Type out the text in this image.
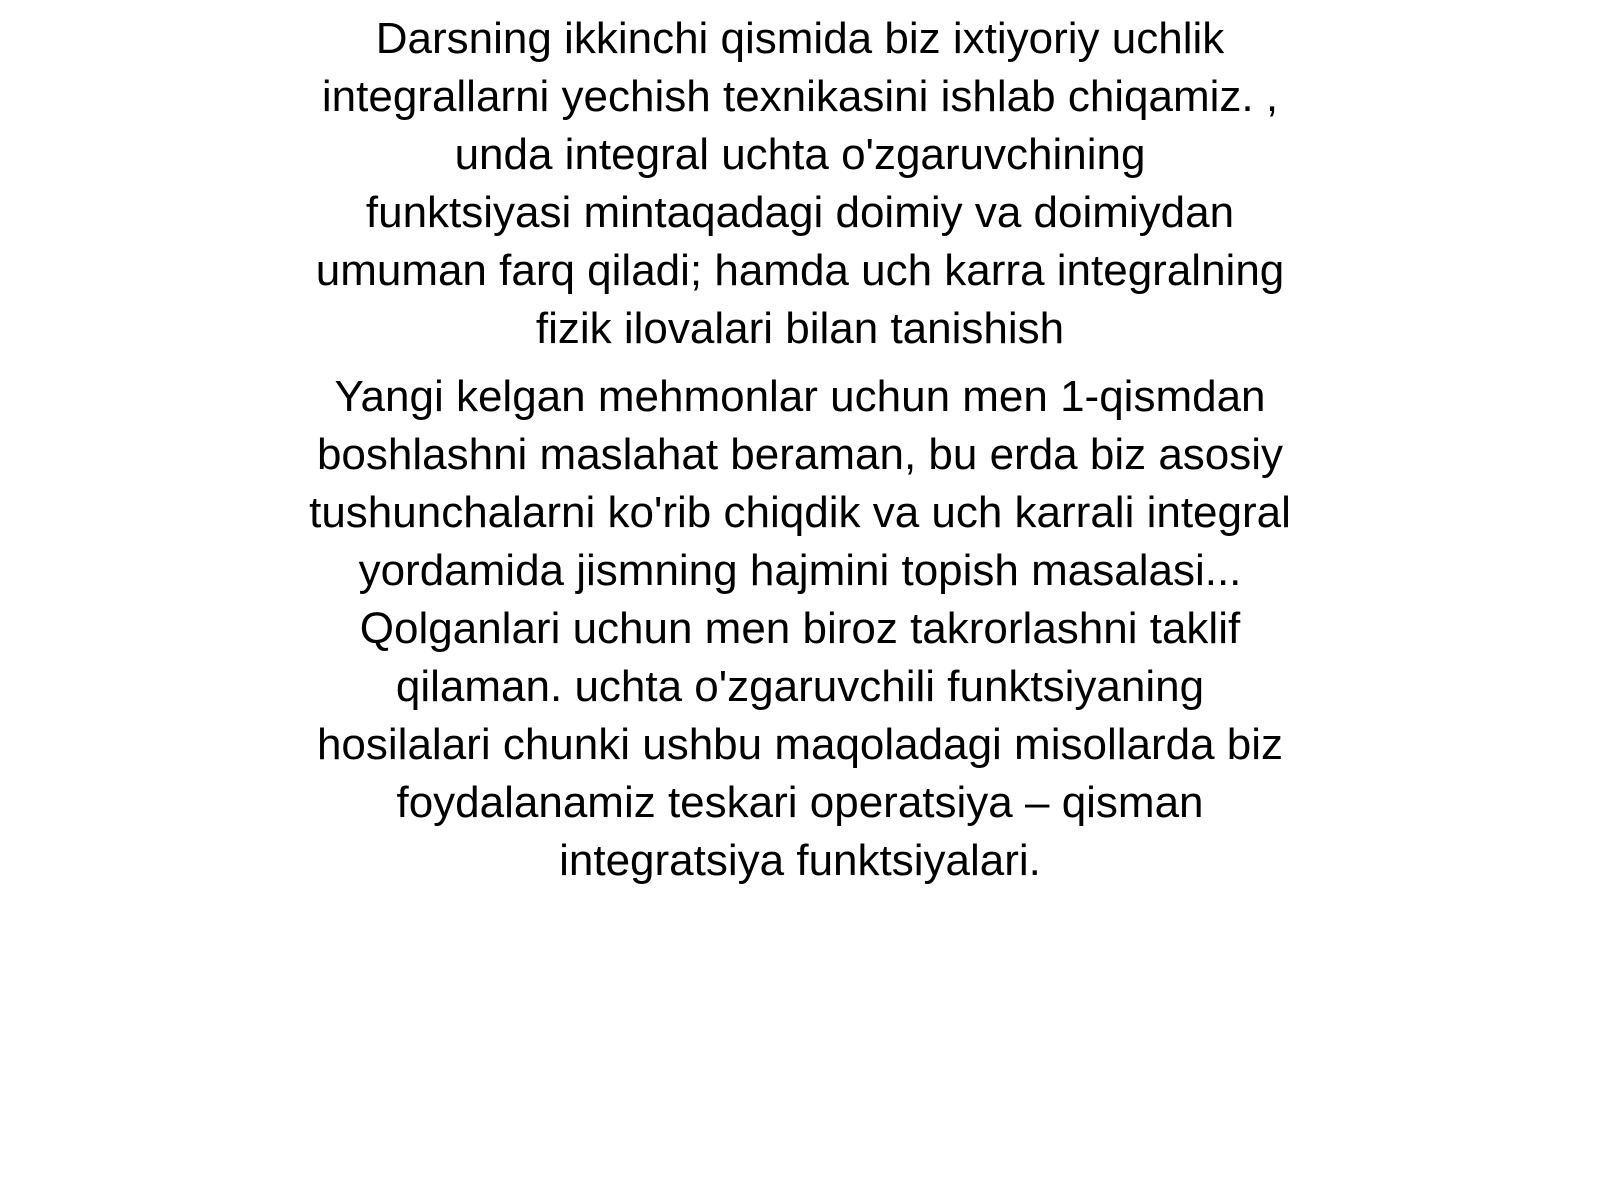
Darsning ikkinchi qismida biz ixtiyoriy uchlik
integrallarni yechish texnikasini ishlab chiqamiz. ,
unda integral uchta o'zgaruvchining
funktsiyasi mintaqadagi doimiy va doimiydan
umuman farq qiladi; hamda uch karra integralning
fizik ilovalari bilan tanishish

Yangi kelgan mehmonlar uchun men 1-qismdan
boshlashni maslahat beraman, bu erda biz asosiy
tushunchalarni ko'rib chiqdik va uch karrali integral
yordamida jismning hajmini topish masalasi...
Qolganlari uchun men biroz takrorlashni taklif
qilaman. uchta o'zgaruvchili funktsiyaning
hosilalari chunki ushbu maqoladagi misollarda biz
foydalanamiz teskari operatsiya – qisman
integratsiya funktsiyalari.
